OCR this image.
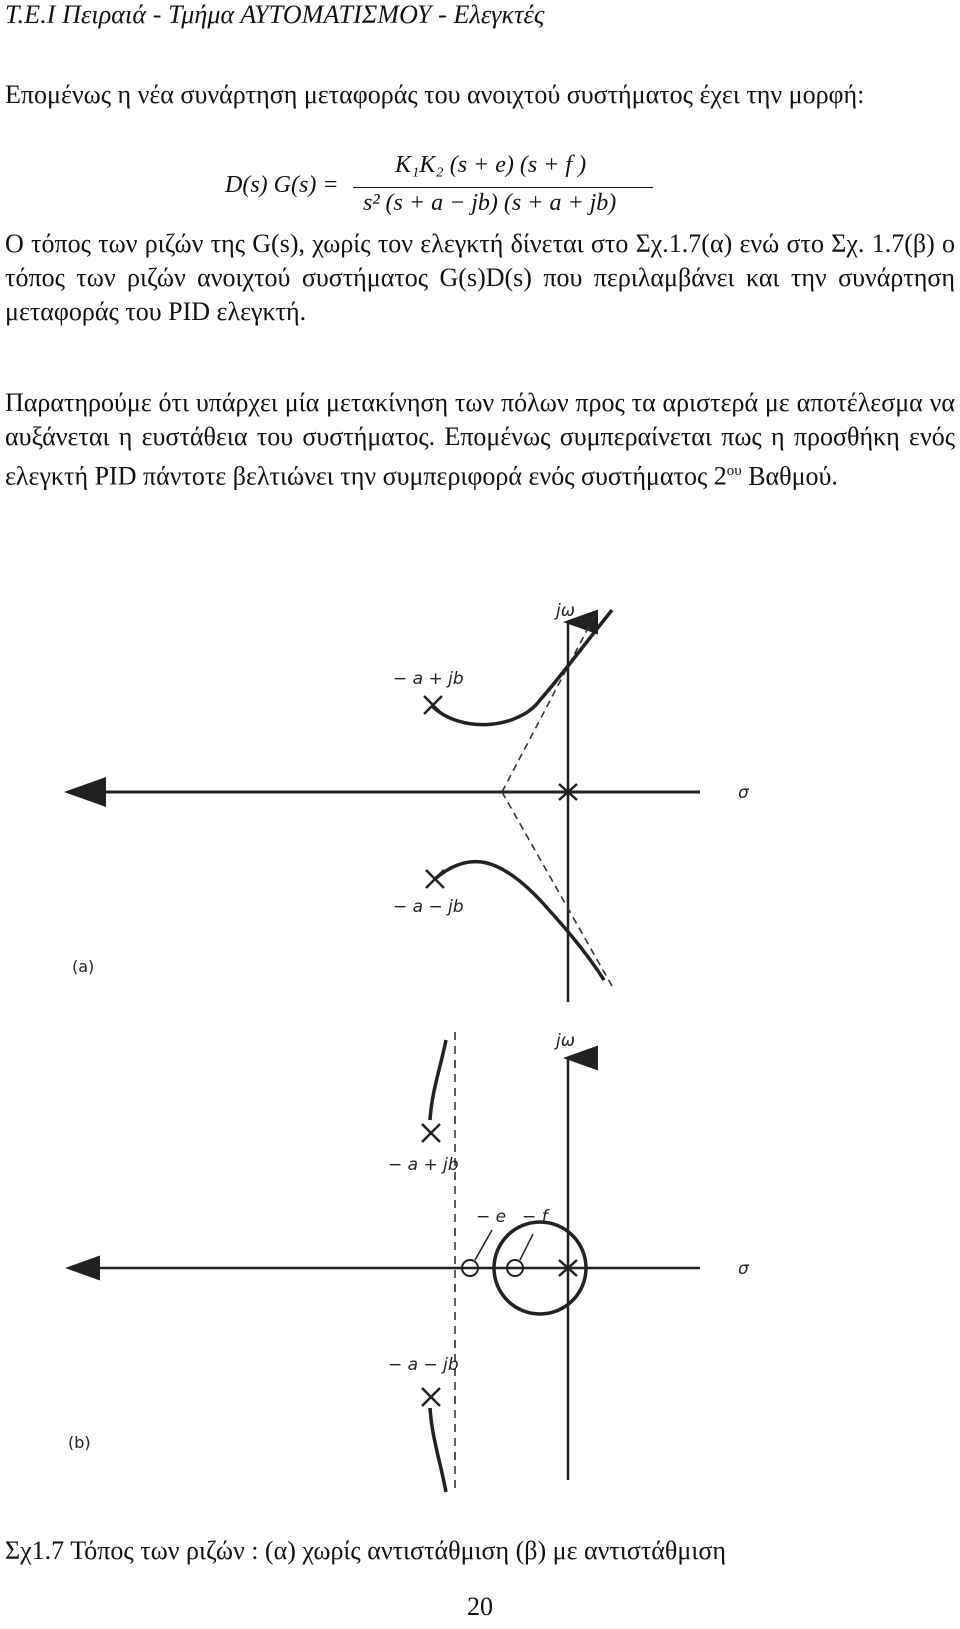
Τ.Ε.Ι Πειραιά - Τμήμα ΑΥΤΟΜΑΤΙΣΜΟΥ - Ελεγκτές
Επομένως η νέα συνάρτηση μεταφοράς του ανοιχτού συστήματος έχει την μορφή:
D(s) G(s) =
K₁K₂ (s + e) (s + f )
s² (s + a − jb) (s + a + jb)
Ο τόπος των ριζών της G(s), χωρίς τον ελεγκτή δίνεται στο Σχ.1.7(α) ενώ στο Σχ. 1.7(β) ο τόπος των ριζών ανοιχτού συστήματος G(s)D(s) που περιλαμβάνει και την συνάρτηση μεταφοράς του PID ελεγκτή.
Παρατηρούμε ότι υπάρχει μία μετακίνηση των πόλων προς τα αριστερά με αποτέλεσμα να αυξάνεται η ευστάθεια του συστήματος. Επομένως συμπεραίνεται πως η προσθήκη ενός ελεγκτή PID πάντοτε βελτιώνει την συμπεριφορά ενός συστήματος $2^{o\upsilon}$ Βαθμού.
jω
σ
− a + jb
− a − jb
(a)
jω
σ
− e − f
− a + jb
− a − jb
(b)
Σχ1.7 Τόπος των ριζών : (α) χωρίς αντιστάθμιση (β) με αντιστάθμιση
20
